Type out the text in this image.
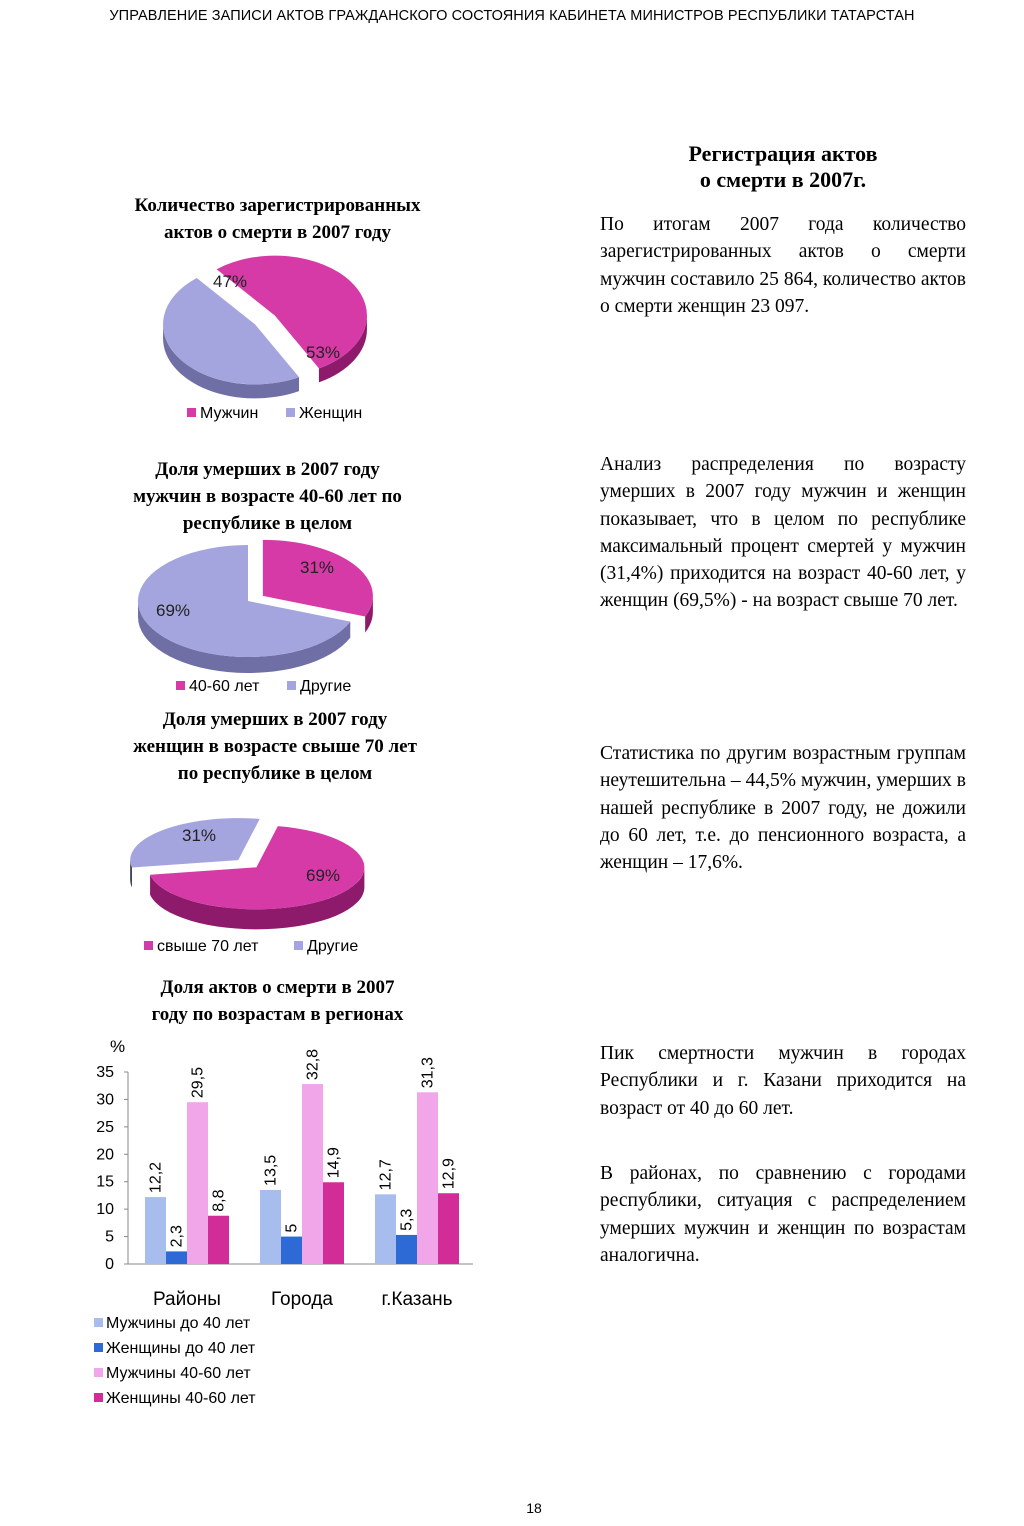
УПРАВЛЕНИЕ ЗАПИСИ АКТОВ ГРАЖДАНСКОГО СОСТОЯНИЯ КАБИНЕТА МИНИСТРОВ РЕСПУБЛИКИ ТАТАРСТАН
Регистрация актов
о смерти в 2007г.
По итогам 2007 года количество зарегистрированных актов о смерти мужчин составило 25 864, количество актов о смерти женщин 23 097.
Анализ распределения по возрасту умерших в 2007 году мужчин и женщин показывает, что в целом по республике максимальный процент смертей у мужчин (31,4%) приходится на возраст 40-60 лет, у женщин (69,5%) - на возраст свыше 70 лет.
Статистика по другим возрастным группам неутешительна – 44,5% мужчин, умерших в нашей республике в 2007 году, не дожили до 60 лет, т.е. до пенсионного возраста, а женщин – 17,6%.
Пик смертности мужчин в городах Республики и г. Казани приходится на возраст от 40 до 60 лет.
В районах, по сравнению с городами республики, ситуация с распределением умерших мужчин и женщин по возрастам аналогична.
Количество зарегистрированных
актов о смерти в 2007 году
Доля умерших в 2007 году
мужчин в возрасте 40-60 лет по
республике в целом
Доля умерших в 2007 году
женщин в возрасте свыше 70 лет
по республике в целом
Доля актов о смерти в 2007
году по возрастам в регионах
47%
53%
Мужчин	Женщин
31%
69%
40-60 лет	Другие
31%
69%
свыше 70 лет	Другие
%
0
5
10
15
20
25
30
35
12,2
2,3
29,5
8,8
13,5
5
32,8
14,9 12,7
5,3
31,3
12,9
Районы	Города	г.Казань
Мужчины до 40 лет
Женщины до 40 лет
Мужчины 40-60 лет
Женщины 40-60 лет
18
